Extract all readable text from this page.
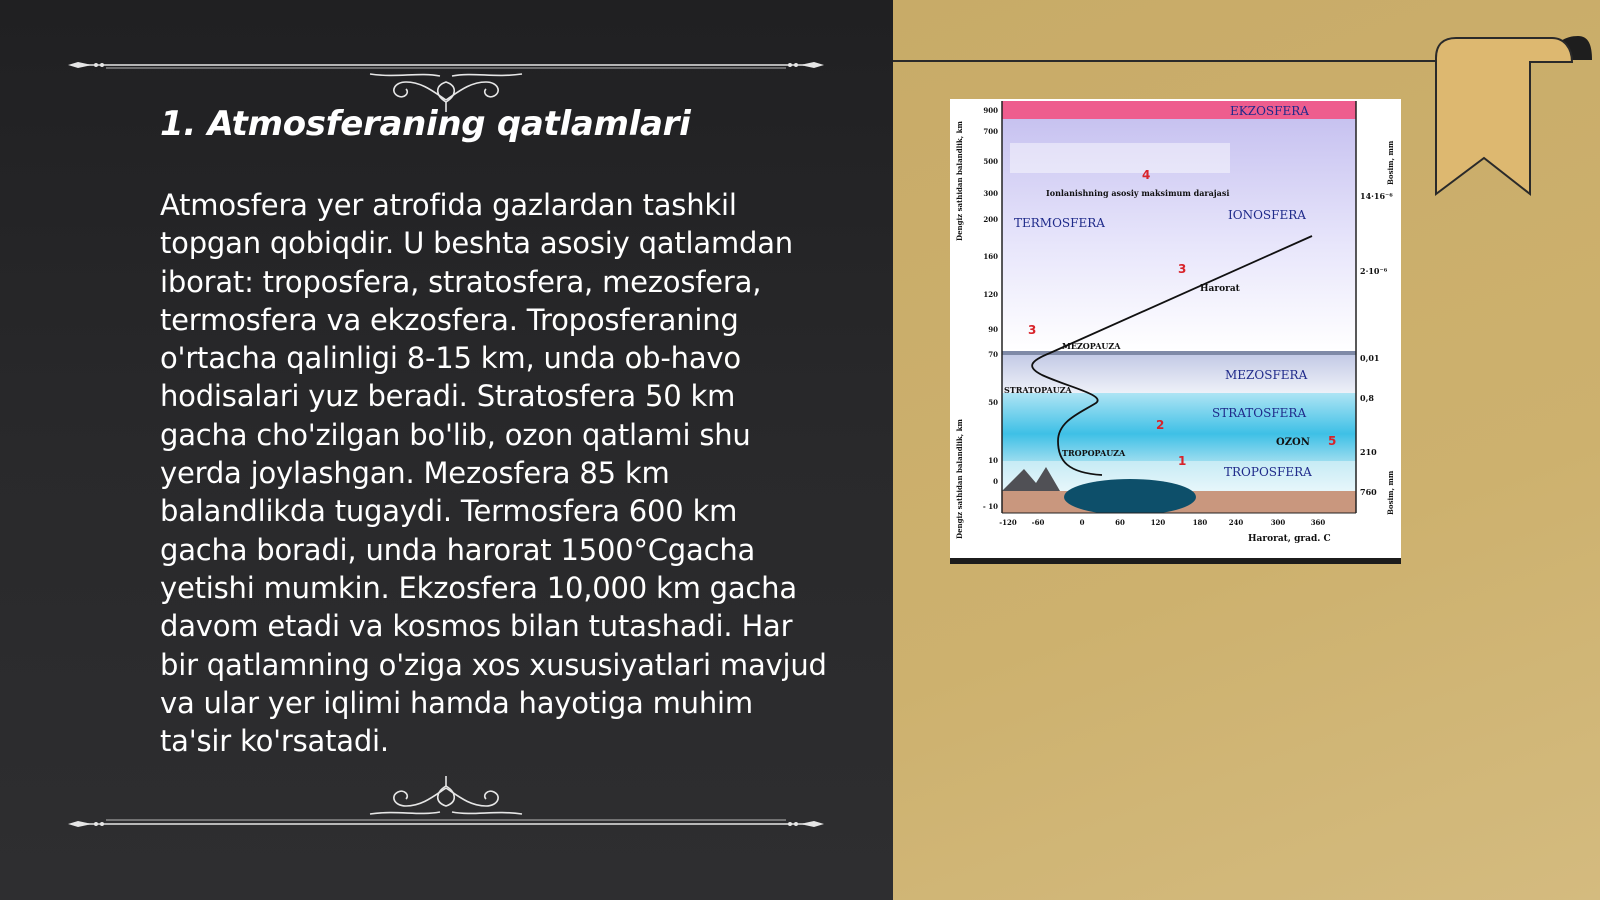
1. Atmosferaning qatlamlari

Atmosfera yer atrofida gazlardan tashkil topgan qobiqdir. U beshta asosiy qatlamdan iborat: troposfera, stratosfera, mezosfera, termosfera va ekzosfera. Troposferaning o'rtacha qalinligi 8-15 km, unda ob-havo hodisalari yuz beradi. Stratosfera 50 km gacha cho'zilgan bo'lib, ozon qatlami shu yerda joylashgan. Mezosfera 85 km balandlikda tugaydi. Termosfera 600 km gacha boradi, unda harorat 1500°Cgacha yetishi mumkin. Ekzosfera 10,000 km gacha davom etadi va kosmos bilan tutashadi. Har bir qatlamning o'ziga xos xususiyatlari mavjud va ular yer iqlimi hamda hayotiga muhim ta'sir ko'rsatadi.

EKZOSFERA
TERMOSFERA
IONOSFERA
MEZOSFERA
STRATOSFERA
TROPOSFERA
MEZOPAUZA
STRATOPAUZA
TROPOPAUZA
OZON
Ionlanishning asosiy maksimum darajasi
Harorat
Harorat, grad. C
4
3
3
2
5
1
900
700
500
300
200
160
120
90
70
50
10
0
- 10
14·16⁻⁶
2·10⁻⁶
0,01
0,8
210
760
-120 -60	0	60	120	180	240	300	360
Dengiz sathidan balandlik, km
Dengiz sathidan balandlik, km
Bosim, mm
Bosim, mm
